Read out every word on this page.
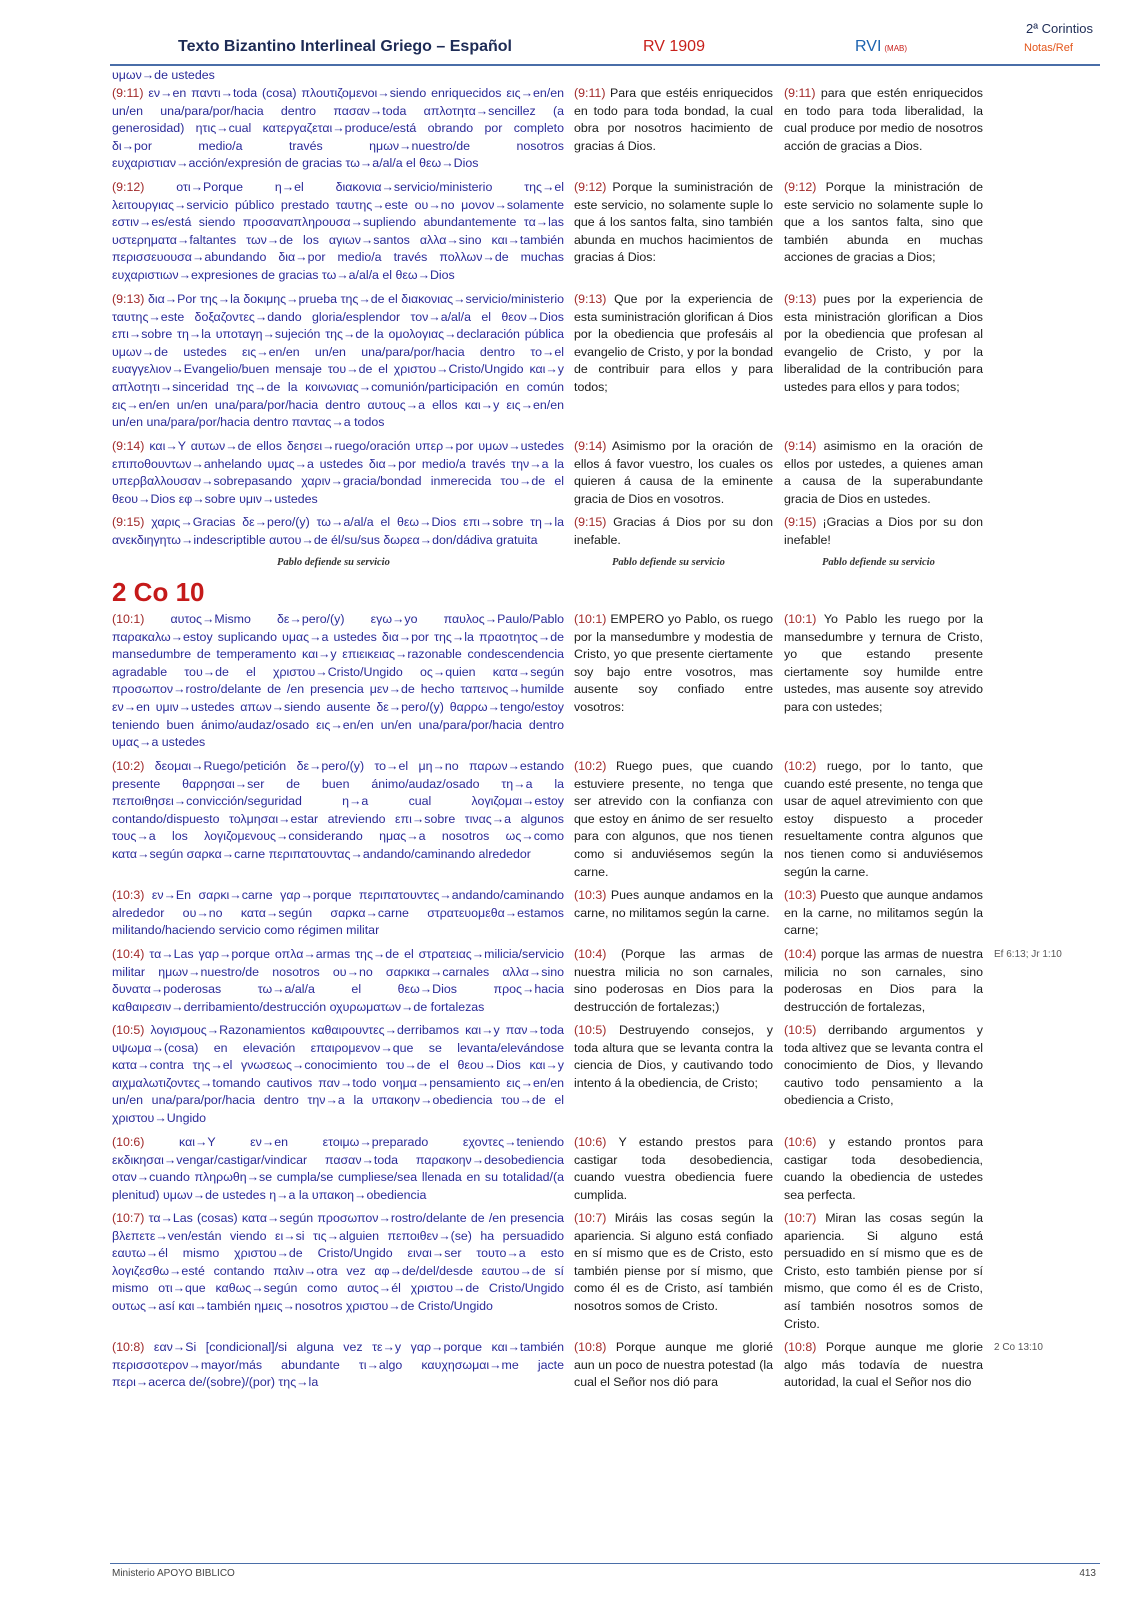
Texto Bizantino Interlineal Griego – Español	RV 1909	RVI (MAB)
2ª Corintios
Notas/Ref
υμων→de ustedes
(9:11) εν→en παντι→toda (cosa) πλουτιζομενοι→siendo enriquecidos εις→en/en un/en una/para/por/hacia dentro πασαν→toda απλοτητα→sencillez (a generosidad) ητις→cual κατεργαζεται→produce/está obrando por completo δι→por medio/a través ημων→nuestro/de nosotros ευχαριστιαν→acción/expresión de gracias τω→a/al/a el θεω→Dios
(9:11) Para que estéis enriquecidos en todo para toda bondad, la cual obra por nosotros hacimiento de gracias á Dios.
(9:11) para que estén enriquecidos en todo para toda liberalidad, la cual produce por medio de nosotros acción de gracias a Dios.
(9:12)	οτι→Porque η→el διακονια→servicio/ministerio της→el λειτουργιας→servicio público prestado ταυτης→este ου→no μονον→solamente εστιν→es/está siendo προσαναπληρουσα→supliendo abundantemente τα→las υστερηματα→faltantes των→de los αγιων→santos αλλα→sino και→también περισσευουσα→abundando δια→por medio/a través πολλων→de muchas ευχαριστιων→expresiones de gracias τω→a/al/a el θεω→Dios
(9:12) Porque la suministración de este servicio, no solamente suple lo que á los santos falta, sino también abunda en muchos hacimientos de gracias á Dios:
(9:12) Porque la ministración de este servicio no solamente suple lo que a los santos falta, sino que también abunda en muchas acciones de gracias a Dios;
(9:13) δια→Por της→la δοκιμης→prueba της→de el διακονιας→servicio/ministerio ταυτης→este δοξαζοντες→dando gloria/esplendor τον→a/al/a el θεον→Dios επι→sobre τη→la υποταγη→sujeción της→de la ομολογιας→declaración pública υμων→de ustedes εις→en/en un/en una/para/por/hacia dentro το→el ευαγγελιον→Evangelio/buen mensaje του→de el χριστου→Cristo/Ungido και→y απλοτητι→sinceridad της→de la κοινωνιας→comunión/participación en común εις→en/en un/en una/para/por/hacia dentro αυτους→a ellos και→y εις→en/en un/en una/para/por/hacia dentro παντας→a todos
(9:13) Que por la experiencia de esta suministración glorifican á Dios por la obediencia que profesáis al evangelio de Cristo, y por la bondad de contribuir para ellos y para todos;
(9:13) pues por la experiencia de esta ministración glorifican a Dios por la obediencia que profesan al evangelio de Cristo, y por la liberalidad de la contribución para ustedes para ellos y para todos;
(9:14) και→Y αυτων→de ellos δεησει→ruego/oración υπερ→por υμων→ustedes επιποθουντων→anhelando υμας→a ustedes δια→por medio/a través την→a la υπερβαλλουσαν→sobrepasando χαριν→gracia/bondad inmerecida του→de el θεου→Dios εφ→sobre υμιν→ustedes
(9:14) Asimismo por la oración de ellos á favor vuestro, los cuales os quieren á causa de la eminente gracia de Dios en vosotros.
(9:14) asimismo en la oración de ellos por ustedes, a quienes aman a causa de la superabundante gracia de Dios en ustedes.
(9:15) χαρις→Gracias δε→pero/(y) τω→a/al/a el θεω→Dios επι→sobre τη→la ανεκδιηγητω→indescriptible αυτου→de él/su/sus δωρεα→don/dádiva gratuita
(9:15) Gracias á Dios por su don inefable.
(9:15) ¡Gracias a Dios por su don inefable!
Pablo defiende su servicio	Pablo defiende su servicio	Pablo defiende su servicio
2 Co 10
(10:1) αυτος→Mismo δε→pero/(y) εγω→yo παυλος→Paulo/Pablo παρακαλω→estoy suplicando υμας→a ustedes δια→por της→la πραοτητος→de mansedumbre de temperamento και→y επιεικειας→razonable condescendencia agradable του→de el χριστου→Cristo/Ungido ος→quien κατα→según προσωπον→rostro/delante de /en presencia μεν→de hecho ταπεινος→humilde εν→en υμιν→ustedes απων→siendo ausente δε→pero/(y) θαρρω→tengo/estoy teniendo buen ánimo/audaz/osado εις→en/en un/en una/para/por/hacia dentro υμας→a ustedes
(10:1) EMPERO yo Pablo, os ruego por la mansedumbre y modestia de Cristo, yo que presente ciertamente soy bajo entre vosotros, mas ausente soy confiado entre vosotros:
(10:1) Yo Pablo les ruego por la mansedumbre y ternura de Cristo, yo que estando presente ciertamente soy humilde entre ustedes, mas ausente soy atrevido para con ustedes;
(10:2) δεομαι→Ruego/petición δε→pero/(y) το→el μη→no παρων→estando presente θαρρησαι→ser de buen ánimo/audaz/osado τη→a la πεποιθησει→convicción/seguridad η→a cual λογιζομαι→estoy contando/dispuesto τολμησαι→estar atreviendo επι→sobre τινας→a algunos τους→a los λογιζομενους→considerando ημας→a nosotros ως→como κατα→según σαρκα→carne περιπατουντας→andando/caminando alrededor
(10:2) Ruego pues, que cuando estuviere presente, no tenga que ser atrevido con la confianza con que estoy en ánimo de ser resuelto para con algunos, que nos tienen como si anduviésemos según la carne.
(10:2) ruego, por lo tanto, que cuando esté presente, no tenga que usar de aquel atrevimiento con que estoy dispuesto a proceder resueltamente contra algunos que nos tienen como si anduviésemos según la carne.
(10:3) εν→En σαρκι→carne γαρ→porque περιπατουντες→andando/caminando alrededor ου→no κατα→según σαρκα→carne στρατευομεθα→estamos militando/haciendo servicio como régimen militar
(10:3) Pues aunque andamos en la carne, no militamos según la carne.
(10:3) Puesto que aunque andamos en la carne, no militamos según la carne;
(10:4) τα→Las γαρ→porque οπλα→armas της→de el στρατειας→milicia/servicio militar ημων→nuestro/de nosotros ου→no σαρκικα→carnales αλλα→sino δυνατα→poderosas τω→a/al/a el θεω→Dios προς→hacia καθαιρεσιν→derribamiento/destrucción οχυρωματων→de fortalezas
(10:4) (Porque las armas de nuestra milicia no son carnales, sino poderosas en Dios para la destrucción de fortalezas;)
(10:4) porque las armas de nuestra milicia no son carnales, sino poderosas en Dios para la destrucción de fortalezas,
Ef 6:13; Jr 1:10
(10:5) λογισμους→Razonamientos καθαιρουντες→derribamos και→y παν→toda υψωμα→(cosa) en elevación επαιρομενον→que se levanta/elevándose κατα→contra της→el γνωσεως→conocimiento του→de el θεου→Dios και→y αιχμαλωτιζοντες→tomando cautivos παν→todo νοημα→pensamiento εις→en/en un/en una/para/por/hacia dentro την→a la υπακοην→obediencia του→de el χριστου→Ungido
(10:5) Destruyendo consejos, y toda altura que se levanta contra la ciencia de Dios, y cautivando todo intento á la obediencia, de Cristo;
(10:5) derribando argumentos y toda altivez que se levanta contra el conocimiento de Dios, y llevando cautivo todo pensamiento a la obediencia a Cristo,
(10:6)	και→Y εν→en ετοιμω→preparado εχοντες→teniendo εκδικησαι→vengar/castigar/vindicar πασαν→toda παρακοην→desobediencia οταν→cuando πληρωθη→se cumpla/se cumpliese/sea llenada en su totalidad/(a plenitud) υμων→de ustedes η→a la υπακοη→obediencia
(10:6) Y estando prestos para castigar toda desobediencia, cuando vuestra obediencia fuere cumplida.
(10:6) y estando prontos para castigar toda desobediencia, cuando la obediencia de ustedes sea perfecta.
(10:7) τα→Las (cosas) κατα→según προσωπον→rostro/delante de /en presencia βλεπετε→ven/están viendo ει→si τις→alguien πεποιθεν→(se) ha persuadido εαυτω→él mismo χριστου→de Cristo/Ungido ειναι→ser τουτο→a esto λογιζεσθω→esté contando παλιν→otra vez αφ→de/del/desde εαυτου→de sí mismo οτι→que καθως→según como αυτος→él χριστου→de Cristo/Ungido ουτως→así και→también ημεις→nosotros χριστου→de Cristo/Ungido
(10:7) Miráis las cosas según la apariencia. Si alguno está confiado en sí mismo que es de Cristo, esto también piense por sí mismo, que como él es de Cristo, así también nosotros somos de Cristo.
(10:7) Miran las cosas según la apariencia. Si alguno está persuadido en sí mismo que es de Cristo, esto también piense por sí mismo, que como él es de Cristo, así también nosotros somos de Cristo.
(10:8) εαν→Si [condicional]/si alguna vez τε→y γαρ→porque και→también περισσοτερον→mayor/más abundante τι→algo καυχησωμαι→me jacte περι→acerca de/(sobre)/(por) της→la
(10:8) Porque aunque me glorié aun un poco de nuestra potestad (la cual el Señor nos dió para
(10:8) Porque aunque me glorie algo más todavía de nuestra autoridad, la cual el Señor nos dio
2 Co 13:10
Ministerio APOYO BIBLICO	413
